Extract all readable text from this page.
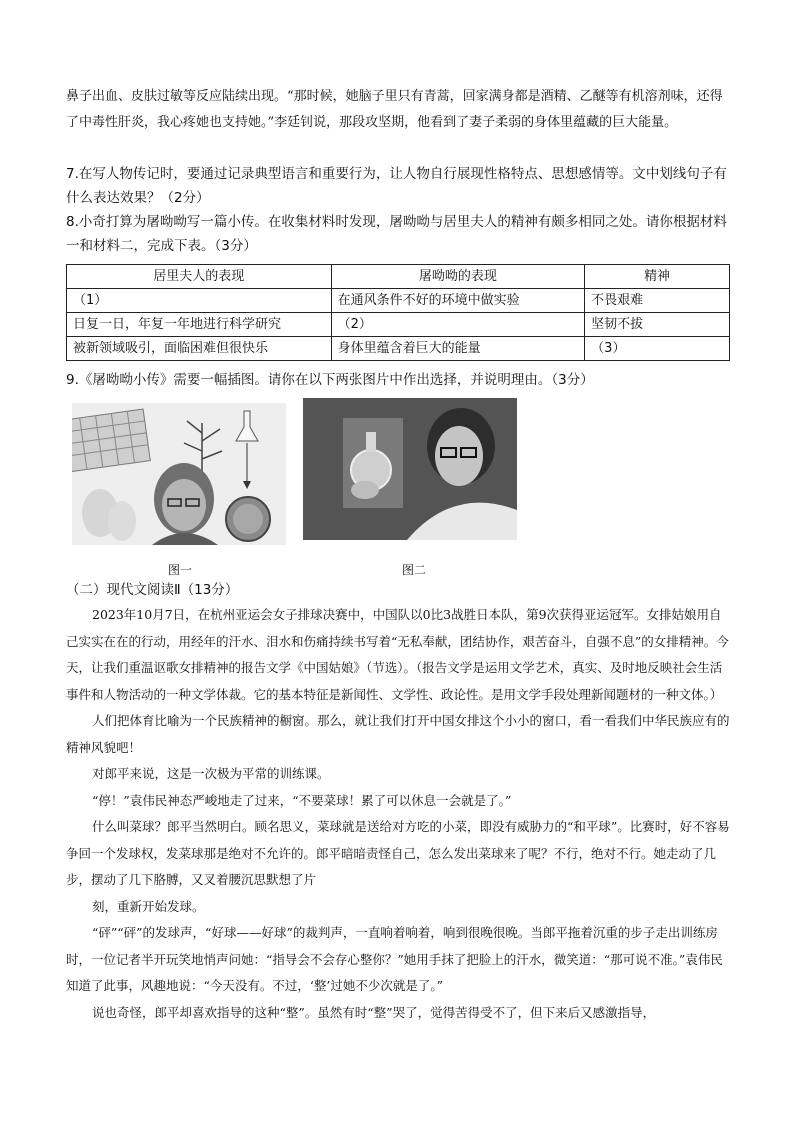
鼻子出血、皮肤过敏等反应陆续出现。“那时候，她脑子里只有青蒿，回家满身都是酒精、乙醚等有机溶剂味，还得了中毒性肝炎，我心疼她也支持她。”李廷钊说，那段攻坚期，他看到了妻子柔弱的身体里蕴藏的巨大能量。

7.在写人物传记时，要通过记录典型语言和重要行为，让人物自行展现性格特点、思想感情等。文中划线句子有什么表达效果？（2分）

8.小奇打算为屠呦呦写一篇小传。在收集材料时发现，屠呦呦与居里夫人的精神有颇多相同之处。请你根据材料一和材料二，完成下表。（3分）

居里夫人的表现	屠呦呦的表现	精神
（1）	在通风条件不好的环境中做实验	不畏艰难
日复一日，年复一年地进行科学研究	（2）	坚韧不拔
被新领域吸引，面临困难但很快乐	身体里蕴含着巨大的能量	（3）

9.《屠呦呦小传》需要一幅插图。请你在以下两张图片中作出选择，并说明理由。（3分）

图一	图二

（二）现代文阅读Ⅱ（13分）

2023年10月7日，在杭州亚运会女子排球决赛中，中国队以0比3战胜日本队，第9次获得亚运冠军。女排姑娘用自己实实在在的行动，用经年的汗水、泪水和伤痛持续书写着“无私奉献，团结协作，艰苦奋斗，自强不息”的女排精神。今天，让我们重温讴歌女排精神的报告文学《中国姑娘》（节选）。（报告文学是运用文学艺术，真实、及时地反映社会生活事件和人物活动的一种文学体裁。它的基本特征是新闻性、文学性、政论性。是用文学手段处理新闻题材的一种文体。）

人们把体育比喻为一个民族精神的橱窗。那么，就让我们打开中国女排这个小小的窗口，看一看我们中华民族应有的精神风貌吧！

对郎平来说，这是一次极为平常的训练课。

“停！”袁伟民神态严峻地走了过来，“不要菜球！累了可以休息一会就是了。”

什么叫菜球？郎平当然明白。顾名思义，菜球就是送给对方吃的小菜，即没有威胁力的“和平球”。比赛时，好不容易争回一个发球权，发菜球那是绝对不允许的。郎平暗暗责怪自己，怎么发出菜球来了呢？不行，绝对不行。她走动了几步，摆动了几下胳膊，又叉着腰沉思默想了片

刻，重新开始发球。

“砰”“砰”的发球声，“好球——好球”的裁判声，一直响着响着，响到很晚很晚。当郎平拖着沉重的步子走出训练房时，一位记者半开玩笑地悄声问她：“指导会不会存心整你？”她用手抹了把脸上的汗水，微笑道：“那可说不准。”袁伟民知道了此事，风趣地说：“今天没有。不过，‘整’过她不少次就是了。”

说也奇怪，郎平却喜欢指导的这种“整”。虽然有时“整”哭了，觉得苦得受不了，但下来后又感激指导，
